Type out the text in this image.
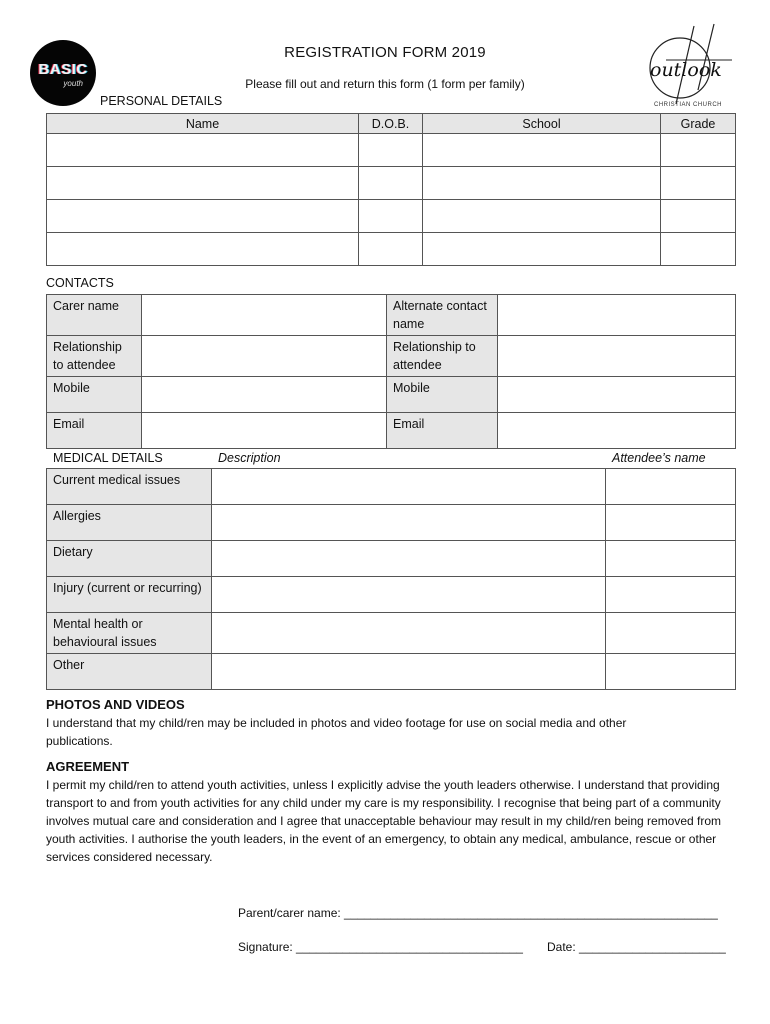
BASIC
youth
outlook
CHRISTIAN CHURCH
REGISTRATION FORM 2019
Please fill out and return this form (1 form per family)
PERSONAL DETAILS
Name	D.O.B.	School	Grade

CONTACTS
Carer name		Alternate contact name	
Relationship to attendee		Relationship to attendee	
Mobile		Mobile	
Email		Email	
MEDICAL DETAILS	Description	Attendee’s name
Current medical issues		
Allergies		
Dietary		
Injury (current or recurring)		
Mental health or behavioural issues		
Other		
PHOTOS AND VIDEOS
I understand that my child/ren may be included in photos and video footage for use on social media and other publications.
AGREEMENT
I permit my child/ren to attend youth activities, unless I explicitly advise the youth leaders otherwise. I understand that providing transport to and from youth activities for any child under my care is my responsibility. I recognise that being part of a community involves mutual care and consideration and I agree that unacceptable behaviour may result in my child/ren being removed from youth activities. I authorise the youth leaders, in the event of an emergency, to obtain any medical, ambulance, rescue or other services considered necessary.
Parent/carer name: ________________________________________________________
Signature: __________________________________ Date: ______________________
